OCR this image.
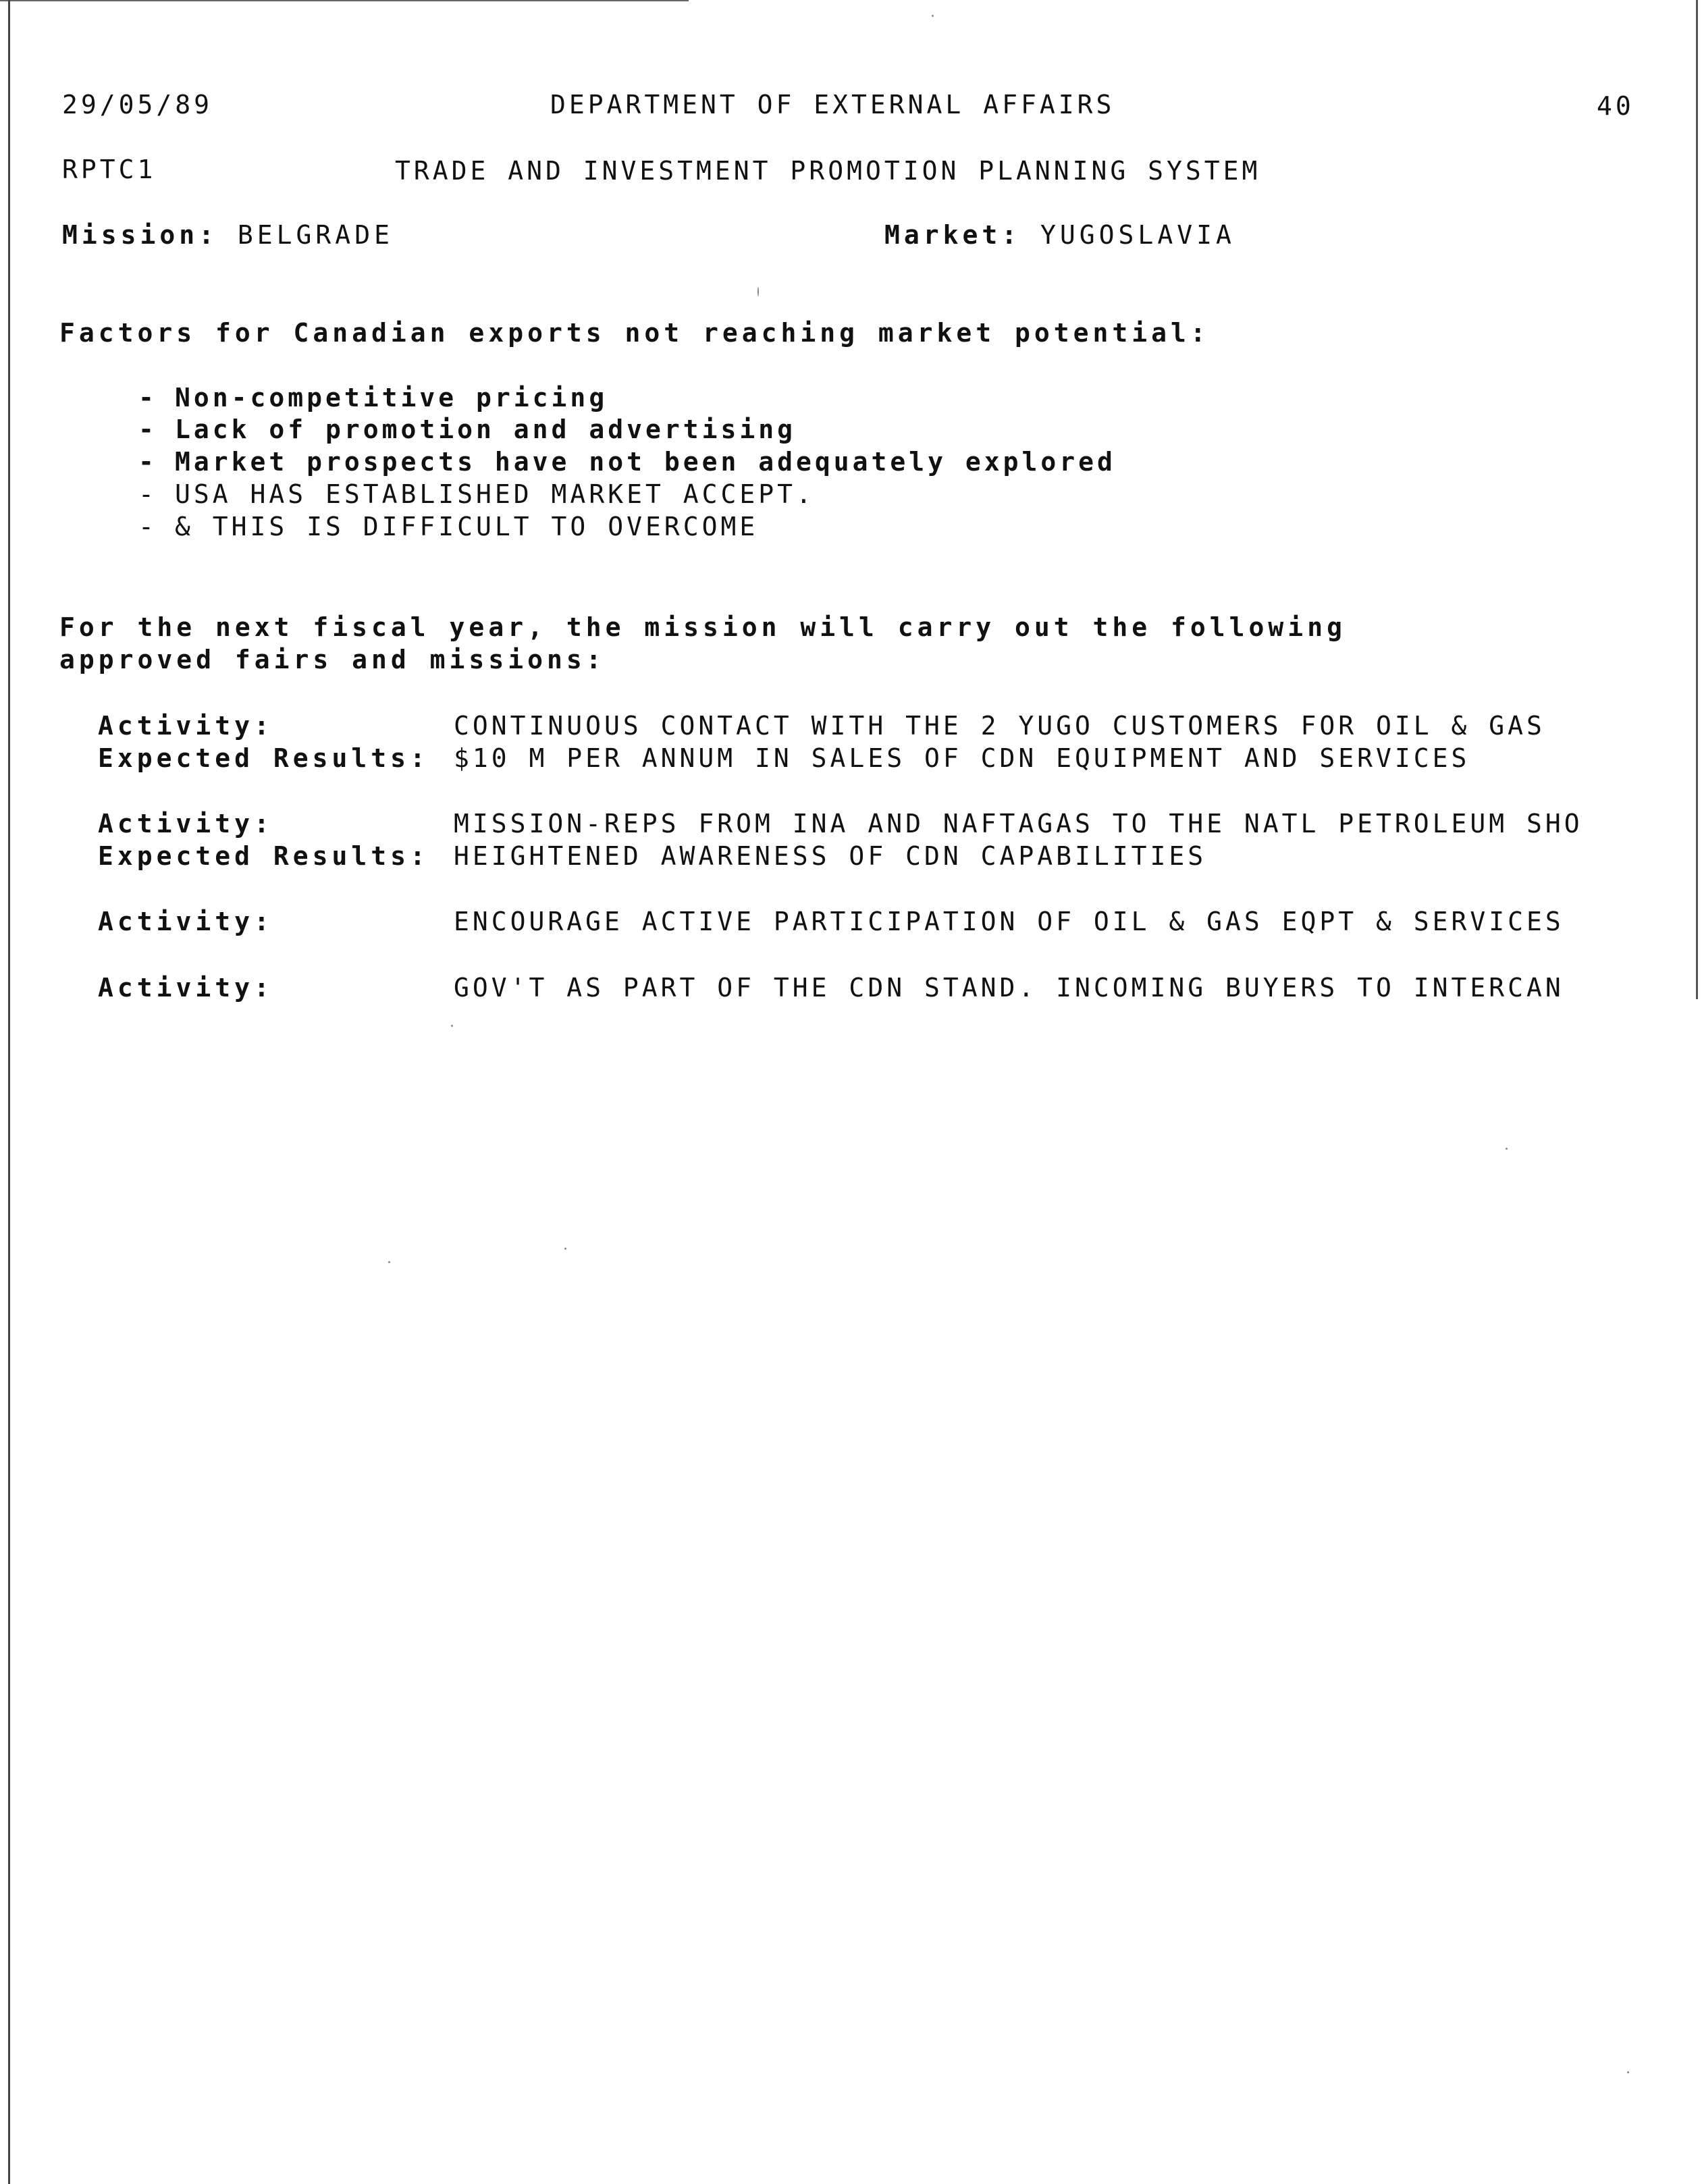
29/05/89	DEPARTMENT OF EXTERNAL AFFAIRS	40
RPTC1	TRADE AND INVESTMENT PROMOTION PLANNING SYSTEM
Mission: BELGRADE	Market: YUGOSLAVIA
Factors for Canadian exports not reaching market potential:
- Non-competitive pricing
- Lack of promotion and advertising
- Market prospects have not been adequately explored
- USA HAS ESTABLISHED MARKET ACCEPT.
- & THIS IS DIFFICULT TO OVERCOME
For the next fiscal year, the mission will carry out the following
approved fairs and missions:
Activity:	CONTINUOUS CONTACT WITH THE 2 YUGO CUSTOMERS FOR OIL & GAS
Expected Results: $10 M PER ANNUM IN SALES OF CDN EQUIPMENT AND SERVICES
Activity:	MISSION-REPS FROM INA AND NAFTAGAS TO THE NATL PETROLEUM SHO
Expected Results: HEIGHTENED AWARENESS OF CDN CAPABILITIES
Activity:	ENCOURAGE ACTIVE PARTICIPATION OF OIL & GAS EQPT & SERVICES
Activity:	GOV'T AS PART OF THE CDN STAND. INCOMING BUYERS TO INTERCAN
